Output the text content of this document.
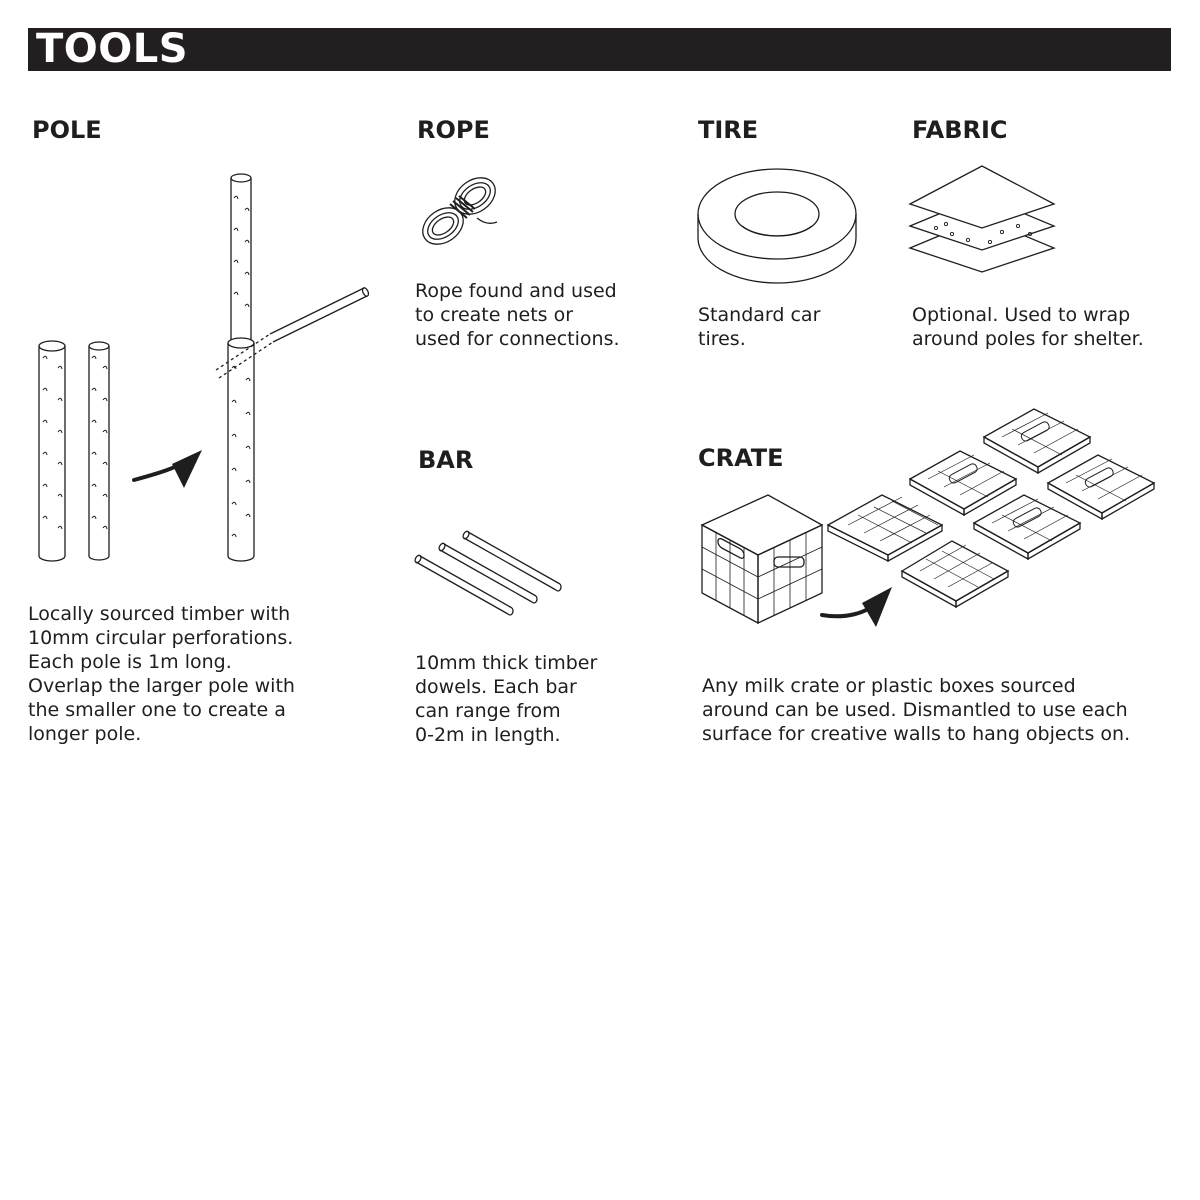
TOOLS
POLE	ROPE	TIRE	FABRIC
BAR	CRATE
Locally sourced timber with
10mm circular perforations.
Each pole is 1m long.
Overlap the larger pole with
the smaller one to create a
longer pole.
Rope found and used
to create nets or
used for connections.
Standard car
tires.
Optional. Used to wrap
around poles for shelter.
10mm thick timber
dowels. Each bar
can range from
0-2m in length.
Any milk crate or plastic boxes sourced
around can be used. Dismantled to use each
surface for creative walls to hang objects on.
